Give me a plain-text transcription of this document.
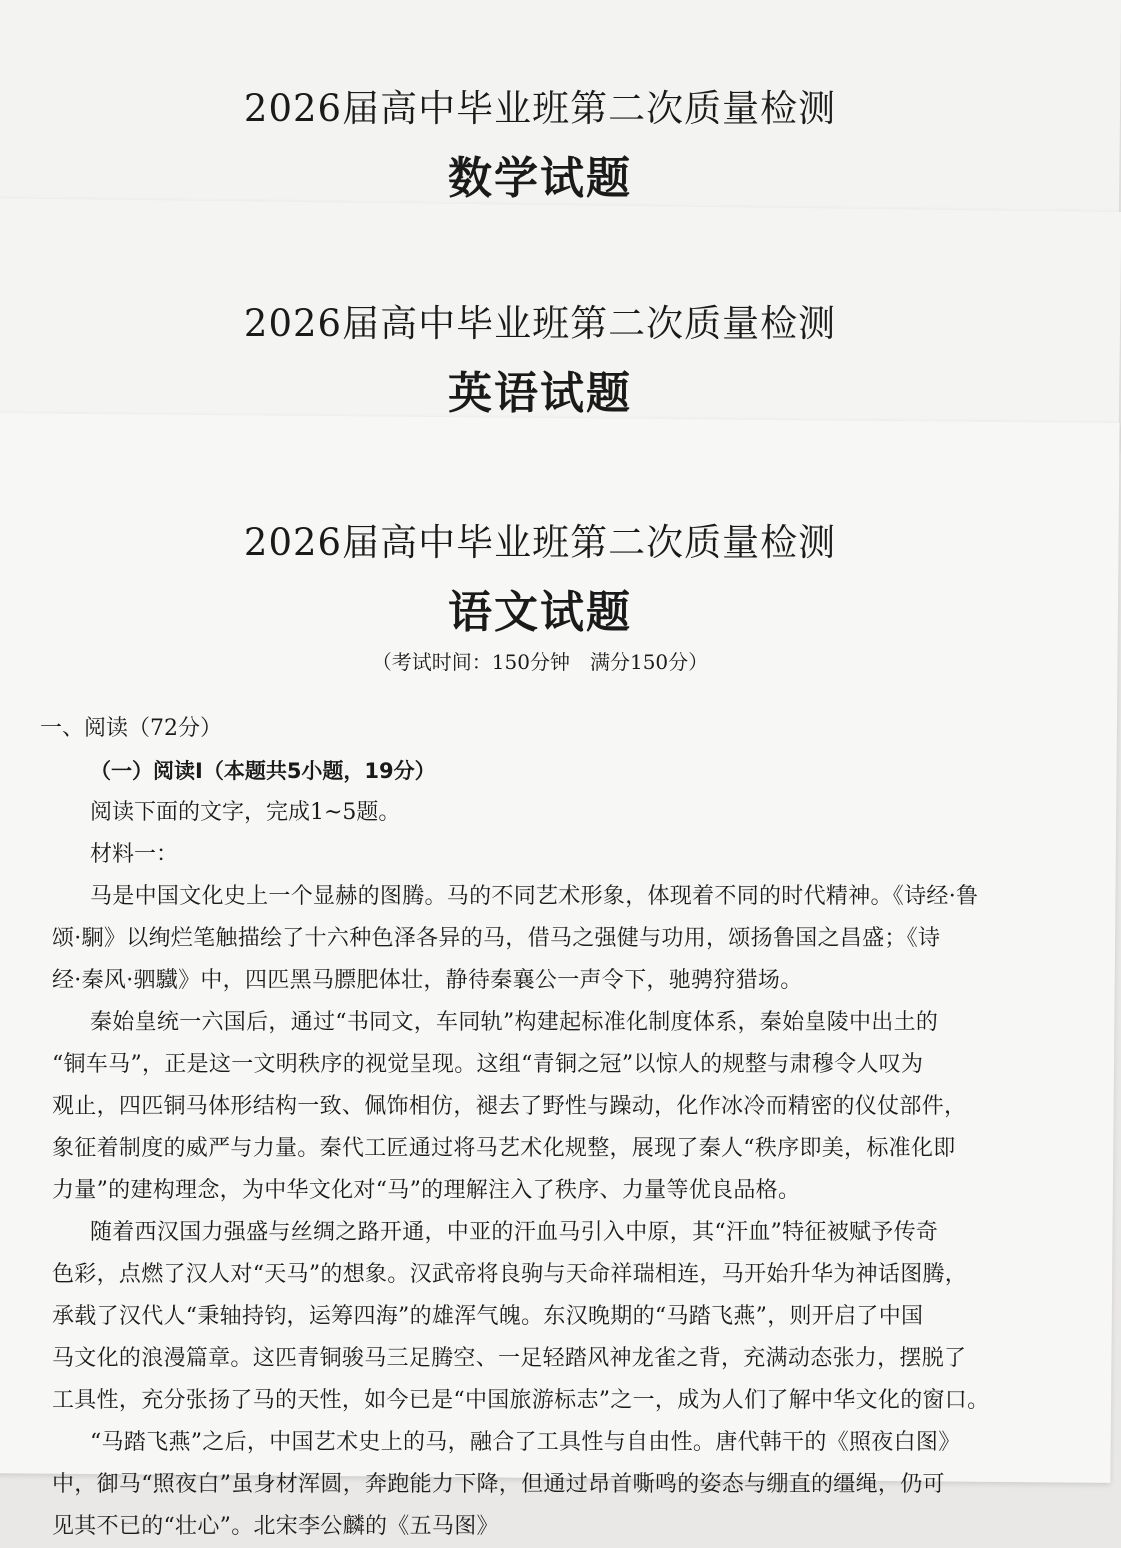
2026届高中毕业班第二次质量检测
数学试题
2026届高中毕业班第二次质量检测
英语试题
2026届高中毕业班第二次质量检测
语文试题
（考试时间：150分钟　满分150分）
一、阅读（72分）
（一）阅读Ⅰ（本题共5小题，19分）
阅读下面的文字，完成1~5题。
材料一：
马是中国文化史上一个显赫的图腾。马的不同艺术形象，体现着不同的时代精神。《诗经·鲁
颂·駉》以绚烂笔触描绘了十六种色泽各异的马，借马之强健与功用，颂扬鲁国之昌盛；《诗
经·秦风·驷驖》中，四匹黑马膘肥体壮，静待秦襄公一声令下，驰骋狩猎场。
秦始皇统一六国后，通过“书同文，车同轨”构建起标准化制度体系，秦始皇陵中出土的
“铜车马”，正是这一文明秩序的视觉呈现。这组“青铜之冠”以惊人的规整与肃穆令人叹为
观止，四匹铜马体形结构一致、佩饰相仿，褪去了野性与躁动，化作冰冷而精密的仪仗部件，
象征着制度的威严与力量。秦代工匠通过将马艺术化规整，展现了秦人“秩序即美，标准化即
力量”的建构理念，为中华文化对“马”的理解注入了秩序、力量等优良品格。
随着西汉国力强盛与丝绸之路开通，中亚的汗血马引入中原，其“汗血”特征被赋予传奇
色彩，点燃了汉人对“天马”的想象。汉武帝将良驹与天命祥瑞相连，马开始升华为神话图腾，
承载了汉代人“秉轴持钧，运筹四海”的雄浑气魄。东汉晚期的“马踏飞燕”，则开启了中国
马文化的浪漫篇章。这匹青铜骏马三足腾空、一足轻踏风神龙雀之背，充满动态张力，摆脱了
工具性，充分张扬了马的天性，如今已是“中国旅游标志”之一，成为人们了解中华文化的窗口。
“马踏飞燕”之后，中国艺术史上的马，融合了工具性与自由性。唐代韩干的《照夜白图》
中，御马“照夜白”虽身材浑圆，奔跑能力下降，但通过昂首嘶鸣的姿态与绷直的缰绳，仍可
见其不已的“壮心”。北宋李公麟的《五马图》
